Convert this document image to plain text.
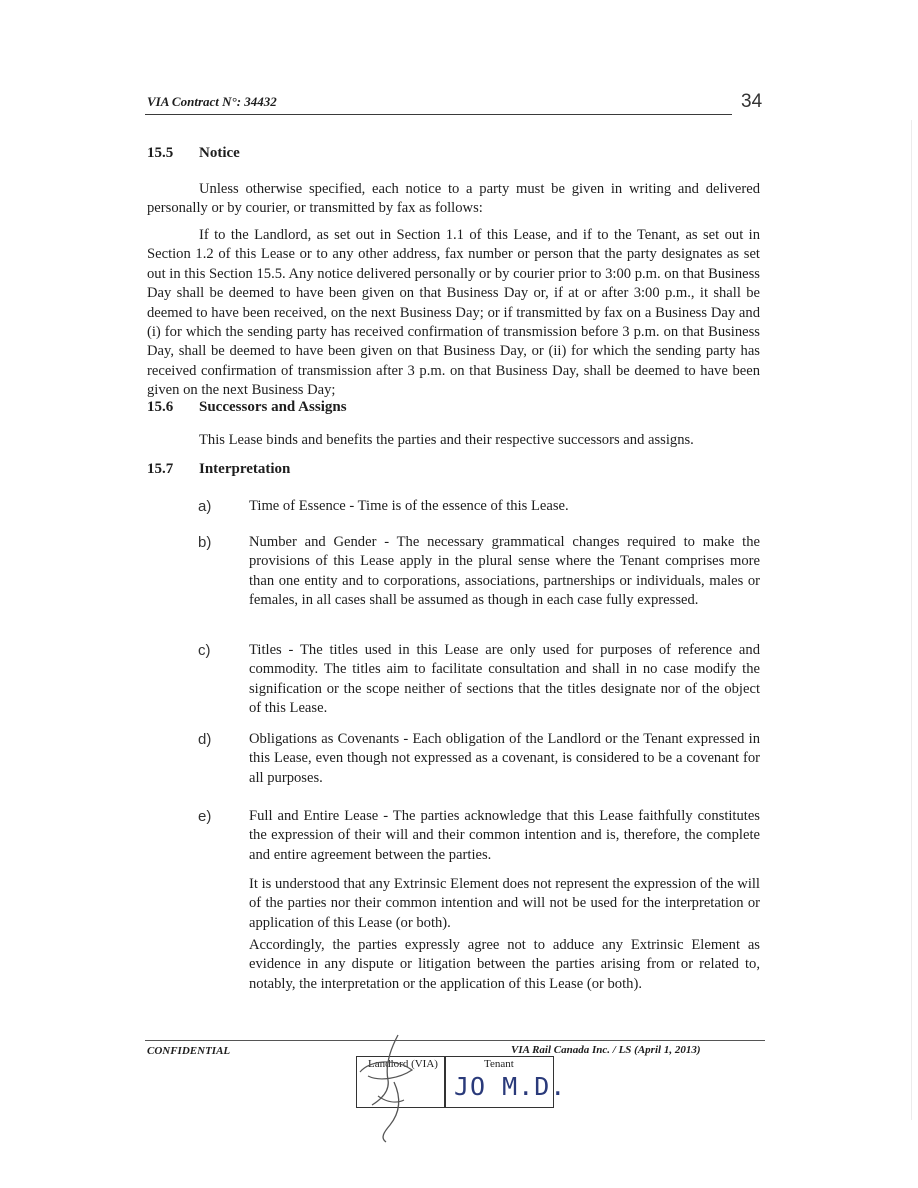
VIA Contract N°: 34432	34
15.5 Notice
Unless otherwise specified, each notice to a party must be given in writing and delivered personally or by courier, or transmitted by fax as follows:
If to the Landlord, as set out in Section 1.1 of this Lease, and if to the Tenant, as set out in Section 1.2 of this Lease or to any other address, fax number or person that the party designates as set out in this Section 15.5. Any notice delivered personally or by courier prior to 3:00 p.m. on that Business Day shall be deemed to have been given on that Business Day or, if at or after 3:00 p.m., it shall be deemed to have been received, on the next Business Day; or if transmitted by fax on a Business Day and (i) for which the sending party has received confirmation of transmission before 3 p.m. on that Business Day, shall be deemed to have been given on that Business Day, or (ii) for which the sending party has received confirmation of transmission after 3 p.m. on that Business Day, shall be deemed to have been given on the next Business Day;
15.6 Successors and Assigns
This Lease binds and benefits the parties and their respective successors and assigns.
15.7 Interpretation
a)	Time of Essence - Time is of the essence of this Lease.
b)	Number and Gender - The necessary grammatical changes required to make the provisions of this Lease apply in the plural sense where the Tenant comprises more than one entity and to corporations, associations, partnerships or individuals, males or females, in all cases shall be assumed as though in each case fully expressed.
c)	Titles - The titles used in this Lease are only used for purposes of reference and commodity. The titles aim to facilitate consultation and shall in no case modify the signification or the scope neither of sections that the titles designate nor of the object of this Lease.
d)	Obligations as Covenants - Each obligation of the Landlord or the Tenant expressed in this Lease, even though not expressed as a covenant, is considered to be a covenant for all purposes.
e)	Full and Entire Lease - The parties acknowledge that this Lease faithfully constitutes the expression of their will and their common intention and is, therefore, the complete and entire agreement between the parties.
It is understood that any Extrinsic Element does not represent the expression of the will of the parties nor their common intention and will not be used for the interpretation or application of this Lease (or both).
Accordingly, the parties expressly agree not to adduce any Extrinsic Element as evidence in any dispute or litigation between the parties arising from or related to, notably, the interpretation or the application of this Lease (or both).
CONFIDENTIAL	VIA Rail Canada Inc. / LS (April 1, 2013)
Landlord (VIA)	Tenant
JO M.D.
